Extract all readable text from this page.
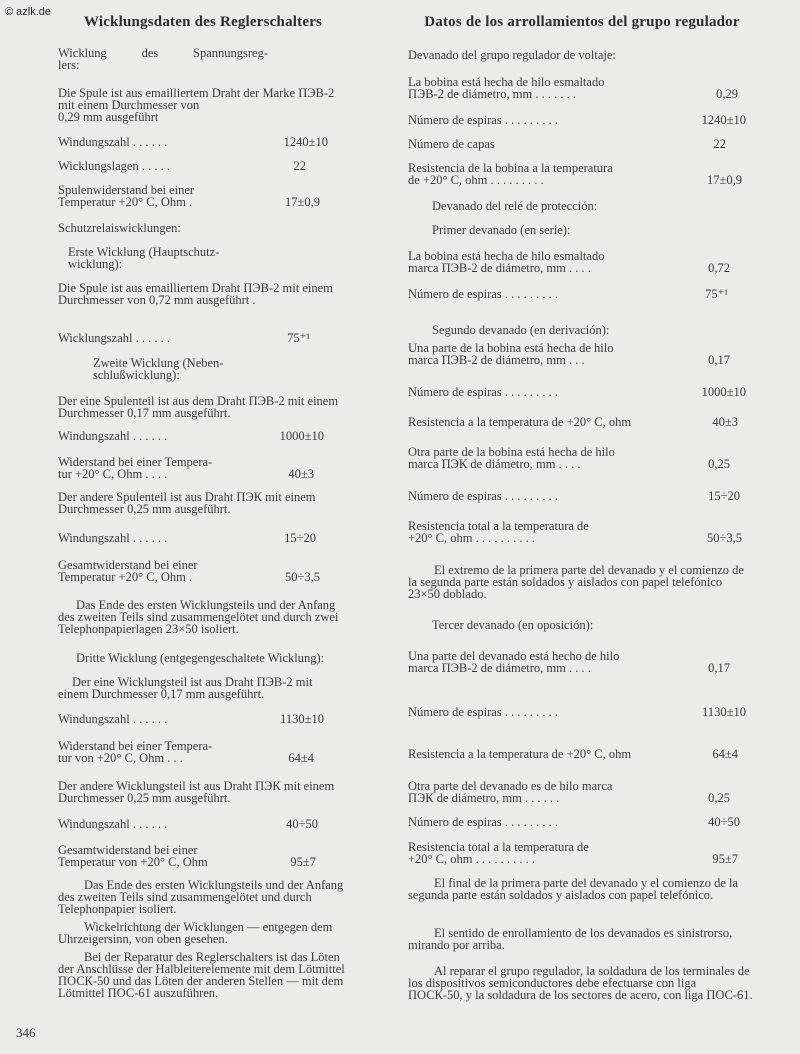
© azlk.de
Wicklungsdaten des Reglerschalters
Wicklung des Spannungsreg-
lers:
Die Spule ist aus emailliertem Draht der Marke ПЭВ-2 mit einem Durchmesser von
0,29 mm ausgeführt
Windungszahl . . . . . .	1240±10
Wicklungslagen . . . . .	22
Spulenwiderstand bei einer
Temperatur +20° C, Ohm .	17±0,9
Schutzrelaiswicklungen:
Erste Wicklung (Hauptschutz-
wicklung):
Die Spule ist aus emailliertem Draht ПЭВ-2 mit einem Durchmesser von 0,72 mm ausgeführt .
Wicklungszahl . . . . . .	75⁺¹
Zweite Wicklung (Neben-
schlußwicklung):
Der eine Spulenteil ist aus dem Draht ПЭВ-2 mit einem Durchmesser 0,17 mm ausgeführt.
Windungszahl . . . . . .	1000±10
Widerstand bei einer Tempera-
tur +20° C, Ohm . . . .	40±3
Der andere Spulenteil ist aus Draht ПЭК mit einem Durchmesser 0,25 mm ausgeführt.
Windungszahl . . . . . .	15÷20
Gesamtwiderstand bei einer
Temperatur +20° C, Ohm .	50÷3,5
Das Ende des ersten Wicklungsteils und der Anfang des zweiten Teils sind zusammengelötet und durch zwei Telephonpapierlagen 23×50 isoliert.
Dritte Wicklung (entgegengeschaltete Wicklung):
Der eine Wicklungsteil ist aus Draht ПЭВ-2 mit einem Durchmesser 0,17 mm ausgeführt.
Windungszahl . . . . . .	1130±10
Widerstand bei einer Tempera-
tur von +20° C, Ohm . . .	64±4
Der andere Wicklungsteil ist aus Draht ПЭК mit einem Durchmesser 0,25 mm ausgeführt.
Windungszahl . . . . . .	40÷50
Gesamtwiderstand bei einer
Temperatur von +20° C, Ohm	95±7
Das Ende des ersten Wicklungsteils und der Anfang des zweiten Teils sind zusammengelötet und durch Telephonpapier isoliert.
Wickelrichtung der Wicklungen — entgegen dem Uhrzeigersinn, von oben gesehen.
Bei der Reparatur des Reglerschalters ist das Löten der Anschlüsse der Halbleiterelemente mit dem Lötmittel ПОСК-50 und das Löten der anderen Stellen — mit dem Lötmittel ПОС-61 auszuführen.
Datos de los arrollamientos del grupo regulador
Devanado del grupo regulador de voltaje:
La bobina está hecha de hilo esmaltado
ПЭВ-2 de diámetro, mm . . . . . . .	0,29
Número de espiras . . . . . . . . .	1240±10
Número de capas	22
Resistencia de la bobina a la temperatura
de +20° C, ohm . . . . . . . . .	17±0,9
Devanado del relé de protección:
Primer devanado (en serie):
La bobina está hecha de hilo esmaltado
marca ПЭВ-2 de diámetro, mm . . . .	0,72
Número de espiras . . . . . . . . .	75⁺¹
Segundo devanado (en derivación):
Una parte de la bobina está hecha de hilo
marca ПЭВ-2 de diámetro, mm . . .	0,17
Número de espiras . . . . . . . . .	1000±10
Resistencia a la temperatura de +20° C, ohm	40±3
Otra parte de la bobina está hecha de hilo
marca ПЭК de diámetro, mm . . . .	0,25
Número de espiras . . . . . . . . .	15÷20
Resistencia total a la temperatura de
+20° C, ohm . . . . . . . . . .	50÷3,5
El extremo de la primera parte del devanado y el comienzo de la segunda parte están soldados y aislados con papel telefónico 23×50 doblado.
Tercer devanado (en oposición):
Una parte del devanado está hecho de hilo
marca ПЭВ-2 de diámetro, mm . . . .	0,17
Número de espiras . . . . . . . . .	1130±10
Resistencia a la temperatura de +20° C, ohm	64±4
Otra parte del devanado es de hilo marca
ПЭК de diámetro, mm . . . . . .	0,25
Número de espiras . . . . . . . . .	40÷50
Resistencia total a la temperatura de
+20° C, ohm . . . . . . . . . .	95±7
El final de la primera parte del devanado y el comienzo de la segunda parte están soldados y aislados con papel telefónico.
El sentido de enrollamiento de los devanados es sinistrorso, mirando por arriba.
Al reparar el grupo regulador, la soldadura de los terminales de los dispositivos semiconductores debe efectuarse con liga ПОСК-50, y la soldadura de los sectores de acero, con liga ПОС-61.
346
